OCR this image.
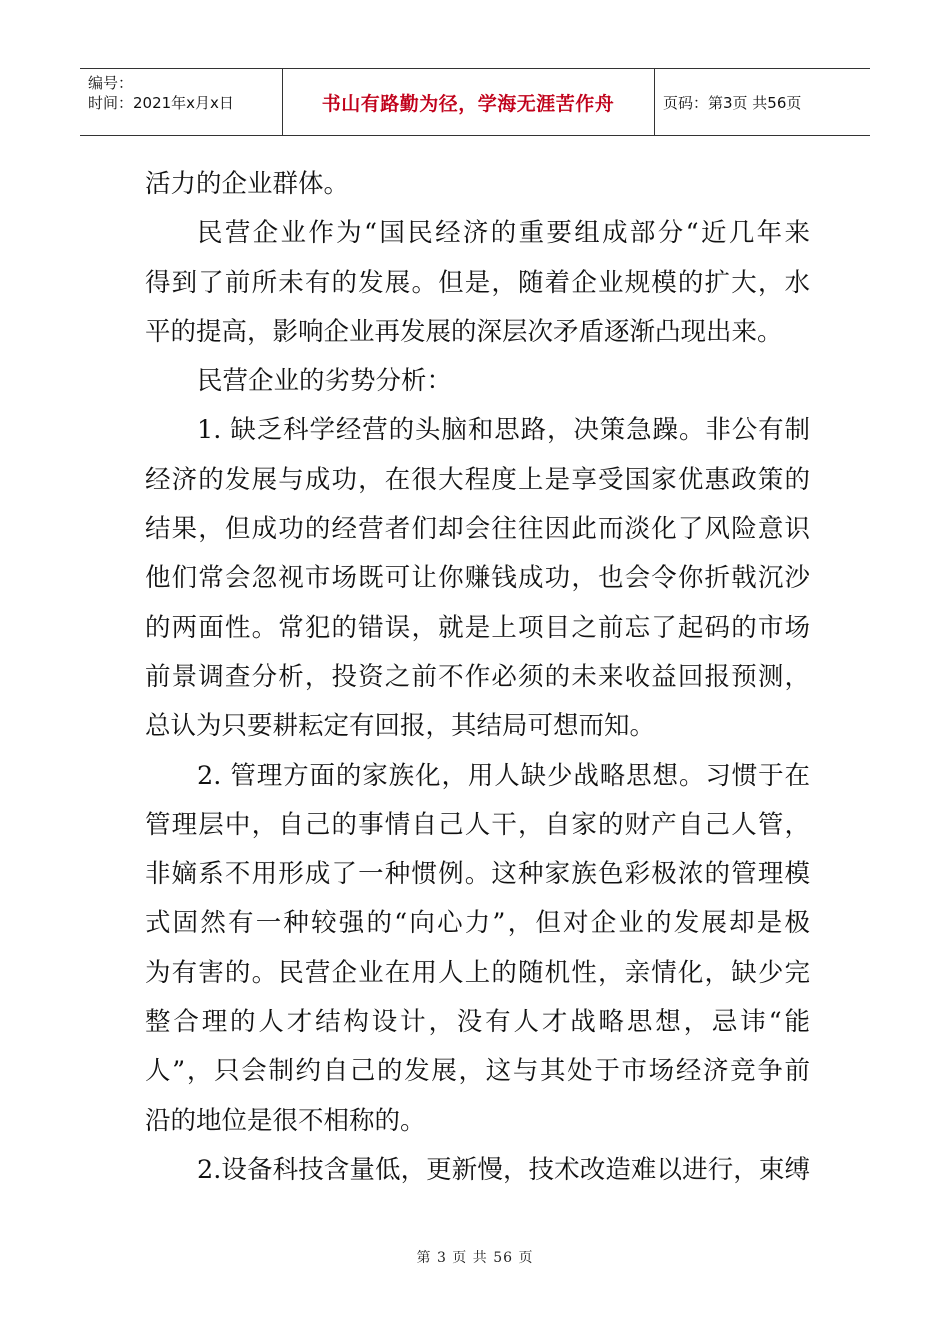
编号：
时间：2021年x月x日	书山有路勤为径，学海无涯苦作舟	页码：第3页 共56页
活力的企业群体。
民营企业作为“国民经济的重要组成部分“近几年来
得到了前所未有的发展。但是，随着企业规模的扩大，水
平的提高，影响企业再发展的深层次矛盾逐渐凸现出来。
民营企业的劣势分析：
1. 缺乏科学经营的头脑和思路，决策急躁。非公有制
经济的发展与成功，在很大程度上是享受国家优惠政策的
结果，但成功的经营者们却会往往因此而淡化了风险意识
他们常会忽视市场既可让你赚钱成功，也会令你折戟沉沙
的两面性。常犯的错误，就是上项目之前忘了起码的市场
前景调查分析，投资之前不作必须的未来收益回报预测，
总认为只要耕耘定有回报，其结局可想而知。
2. 管理方面的家族化，用人缺少战略思想。习惯于在
管理层中，自己的事情自己人干，自家的财产自己人管，
非嫡系不用形成了一种惯例。这种家族色彩极浓的管理模
式固然有一种较强的“向心力”，但对企业的发展却是极
为有害的。民营企业在用人上的随机性，亲情化，缺少完
整合理的人才结构设计，没有人才战略思想，忌讳“能
人”，只会制约自己的发展，这与其处于市场经济竞争前
沿的地位是很不相称的。
2.设备科技含量低，更新慢，技术改造难以进行，束缚
第 3 页 共 56 页
